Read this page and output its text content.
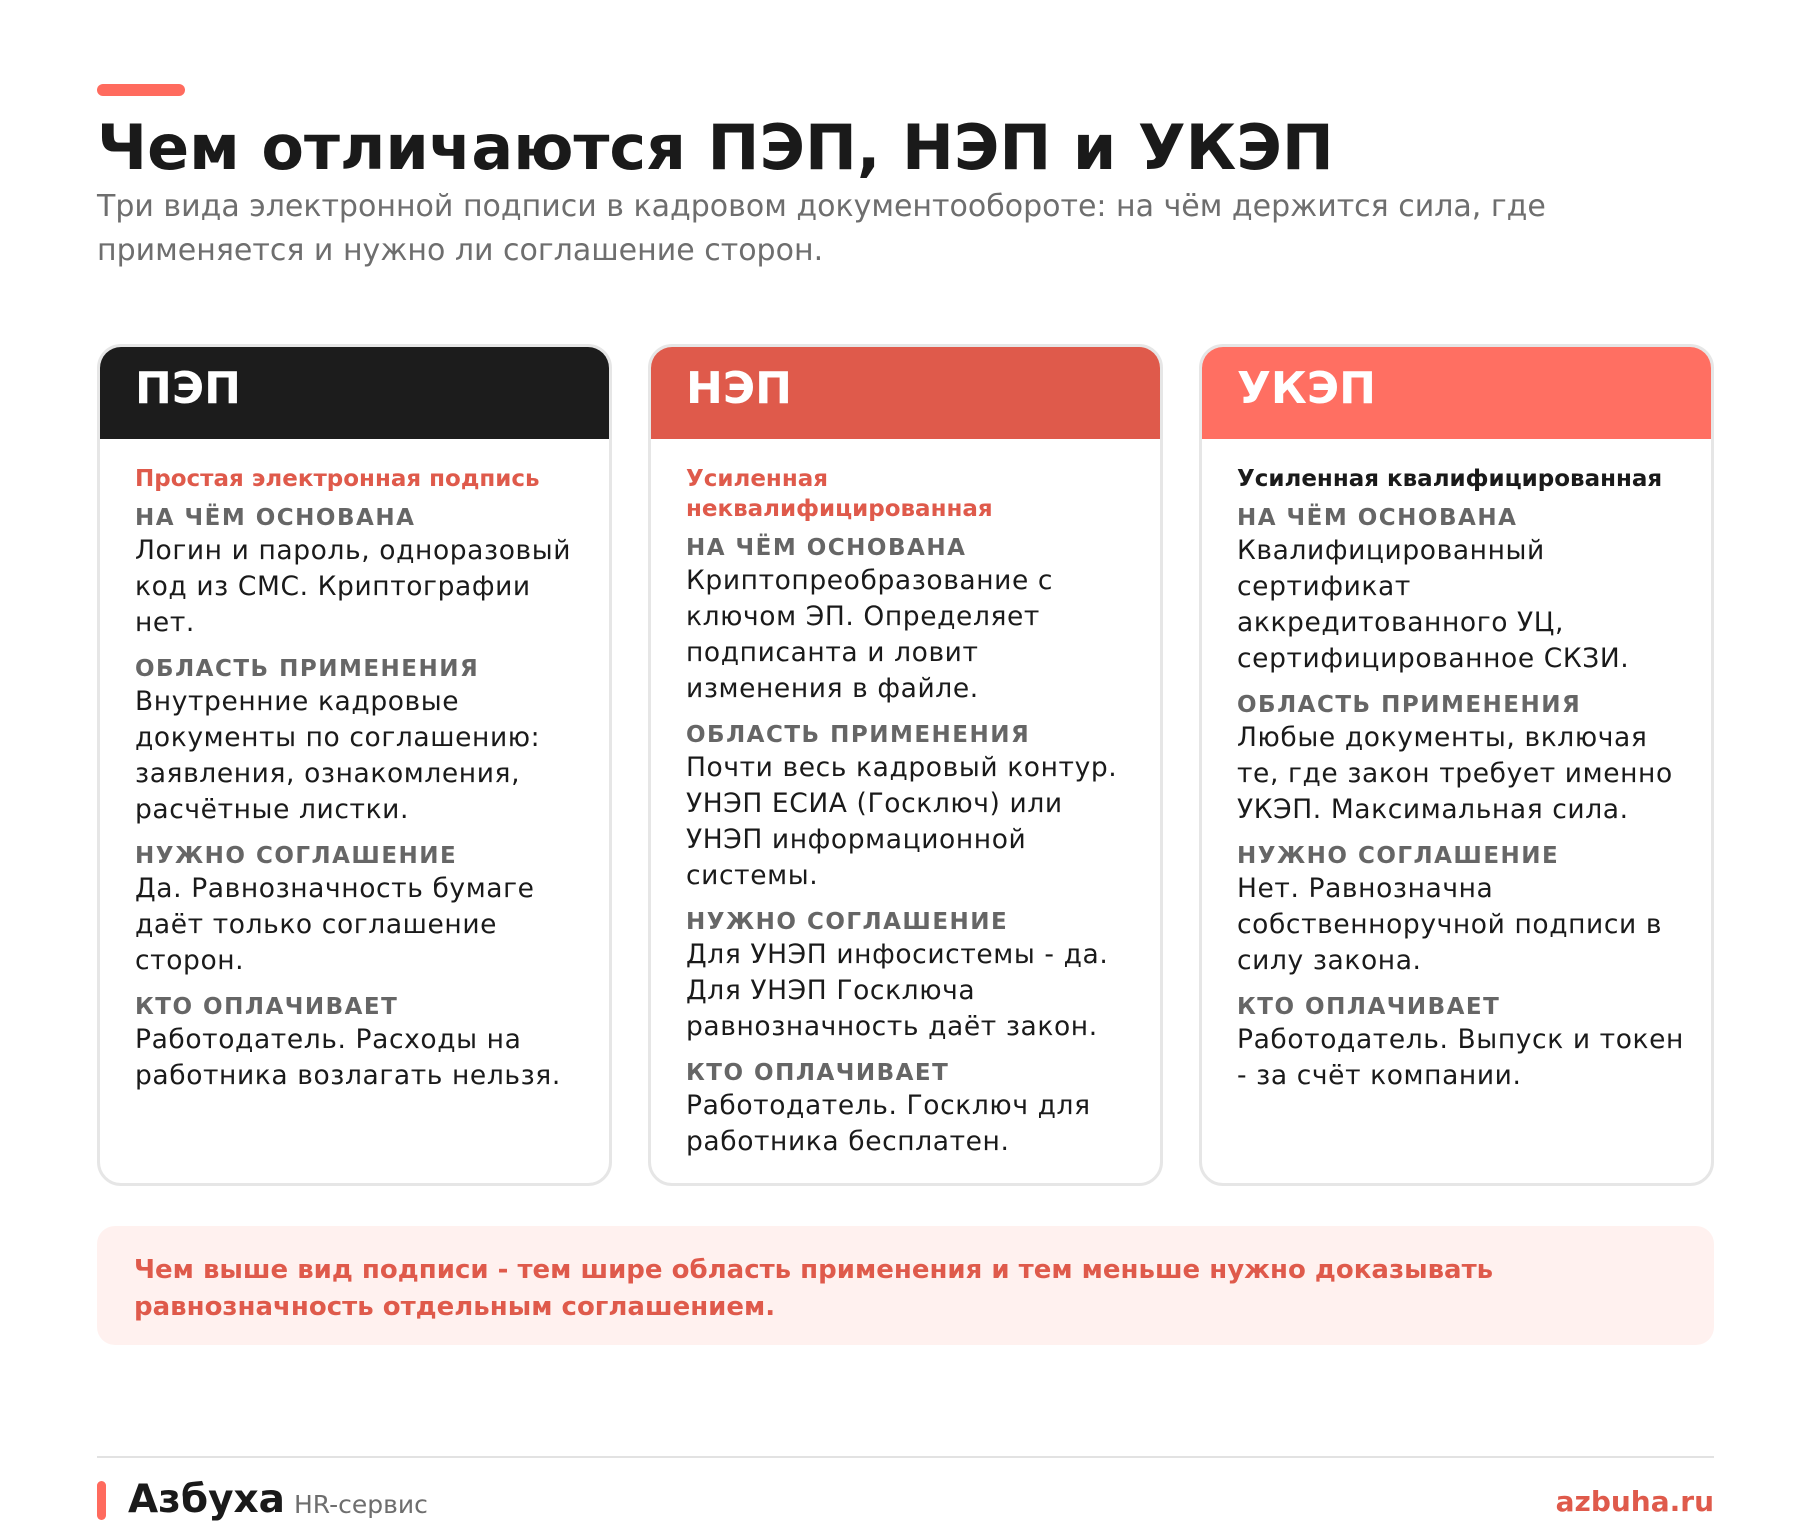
Чем отличаются ПЭП, НЭП и УКЭП

Три вида электронной подписи в кадровом документообороте: на чём держится сила, где применяется и нужно ли соглашение сторон.

ПЭП
Простая электронная подпись
НА ЧЁМ ОСНОВАНА
Логин и пароль, одноразовый код из СМС. Криптографии нет.
ОБЛАСТЬ ПРИМЕНЕНИЯ
Внутренние кадровые документы по соглашению: заявления, ознакомления, расчётные листки.
НУЖНО СОГЛАШЕНИЕ
Да. Равнозначность бумаге даёт только соглашение сторон.
КТО ОПЛАЧИВАЕТ
Работодатель. Расходы на работника возлагать нельзя.
НЭП
Усиленная неквалифицированная
НА ЧЁМ ОСНОВАНА
Криптопреобразование с ключом ЭП. Определяет подписанта и ловит изменения в файле.
ОБЛАСТЬ ПРИМЕНЕНИЯ
Почти весь кадровый контур. УНЭП ЕСИА (Госключ) или УНЭП информационной системы.
НУЖНО СОГЛАШЕНИЕ
Для УНЭП инфосистемы - да. Для УНЭП Госключа равнозначность даёт закон.
КТО ОПЛАЧИВАЕТ
Работодатель. Госключ для работника бесплатен.
УКЭП
Усиленная квалифицированная
НА ЧЁМ ОСНОВАНА
Квалифицированный сертификат аккредитованного УЦ, сертифицированное СКЗИ.
ОБЛАСТЬ ПРИМЕНЕНИЯ
Любые документы, включая те, где закон требует именно УКЭП. Максимальная сила.
НУЖНО СОГЛАШЕНИЕ
Нет. Равнозначна собственноручной подписи в силу закона.
КТО ОПЛАЧИВАЕТ
Работодатель. Выпуск и токен - за счёт компании.
Чем выше вид подписи - тем шире область применения и тем меньше нужно доказывать равнозначность отдельным соглашением.
Азбуха HR-сервис	azbuha.ru
